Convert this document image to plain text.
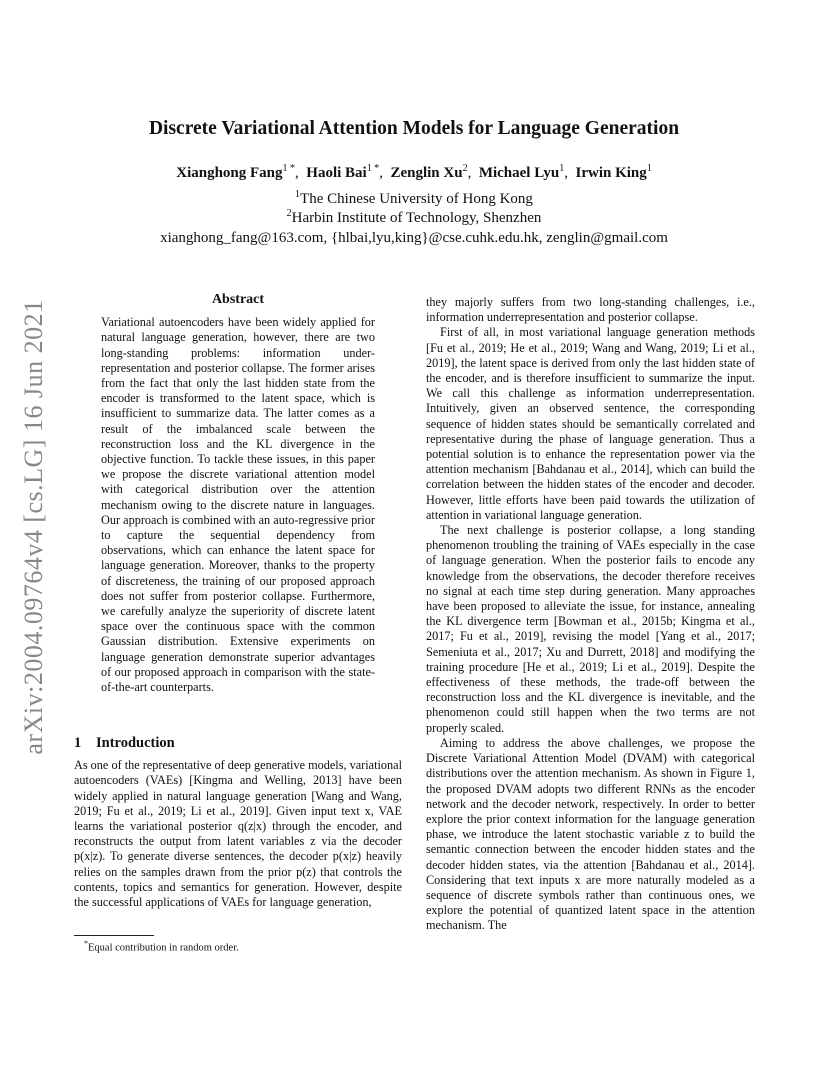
arXiv:2004.09764v4 [cs.LG] 16 Jun 2021
Discrete Variational Attention Models for Language Generation
Xianghong Fang$^{1 *}$,  Haoli Bai$^{1 *}$,  Zenglin Xu$^2$,  Michael Lyu$^1$,  Irwin King$^1$
$^1$The Chinese University of Hong Kong
$^2$Harbin Institute of Technology, Shenzhen
xianghong_fang@163.com, {hlbai,lyu,king}@cse.cuhk.edu.hk, zenglin@gmail.com
Abstract

Variational autoencoders have been widely applied for natural language generation, however, there are two long-standing problems: information under-representation and posterior collapse. The former arises from the fact that only the last hidden state from the encoder is transformed to the latent space, which is insufficient to summarize data. The latter comes as a result of the imbalanced scale between the reconstruction loss and the KL divergence in the objective function. To tackle these issues, in this paper we propose the discrete variational attention model with categorical distribution over the attention mechanism owing to the discrete nature in languages. Our approach is combined with an auto-regressive prior to capture the sequential dependency from observations, which can enhance the latent space for language generation. Moreover, thanks to the property of discreteness, the training of our proposed approach does not suffer from posterior collapse. Furthermore, we carefully analyze the superiority of discrete latent space over the continuous space with the common Gaussian distribution. Extensive experiments on language generation demonstrate superior advantages of our proposed approach in comparison with the state-of-the-art counterparts.

1 Introduction

As one of the representative of deep generative models, variational autoencoders (VAEs) [Kingma and Welling, 2013] have been widely applied in natural language generation [Wang and Wang, 2019; Fu et al., 2019; Li et al., 2019]. Given input text x, VAE learns the variational posterior q(z|x) through the encoder, and reconstructs the output from latent variables z via the decoder p(x|z). To generate diverse sentences, the decoder p(x|z) heavily relies on the samples drawn from the prior p(z) that controls the contents, topics and semantics for generation. However, despite the successful applications of VAEs for language generation,

they majorly suffers from two long-standing challenges, i.e., information underrepresentation and posterior collapse.

First of all, in most variational language generation methods [Fu et al., 2019; He et al., 2019; Wang and Wang, 2019; Li et al., 2019], the latent space is derived from only the last hidden state of the encoder, and is therefore insufficient to summarize the input. We call this challenge as information underrepresentation. Intuitively, given an observed sentence, the corresponding sequence of hidden states should be semantically correlated and representative during the phase of language generation. Thus a potential solution is to enhance the representation power via the attention mechanism [Bahdanau et al., 2014], which can build the correlation between the hidden states of the encoder and decoder. However, little efforts have been paid towards the utilization of attention in variational language generation.

The next challenge is posterior collapse, a long standing phenomenon troubling the training of VAEs especially in the case of language generation. When the posterior fails to encode any knowledge from the observations, the decoder therefore receives no signal at each time step during generation. Many approaches have been proposed to alleviate the issue, for instance, annealing the KL divergence term [Bowman et al., 2015b; Kingma et al., 2017; Fu et al., 2019], revising the model [Yang et al., 2017; Semeniuta et al., 2017; Xu and Durrett, 2018] and modifying the training procedure [He et al., 2019; Li et al., 2019]. Despite the effectiveness of these methods, the trade-off between the reconstruction loss and the KL divergence is inevitable, and the phenomenon could still happen when the two terms are not properly scaled.

Aiming to address the above challenges, we propose the Discrete Variational Attention Model (DVAM) with categorical distributions over the attention mechanism. As shown in Figure 1, the proposed DVAM adopts two different RNNs as the encoder network and the decoder network, respectively. In order to better explore the prior context information for the language generation phase, we introduce the latent stochastic variable z to build the semantic connection between the encoder hidden states and the decoder hidden states, via the attention [Bahdanau et al., 2014]. Considering that text inputs x are more naturally modeled as a sequence of discrete symbols rather than continuous ones, we explore the potential of quantized latent space in the attention mechanism. The

*Equal contribution in random order.
